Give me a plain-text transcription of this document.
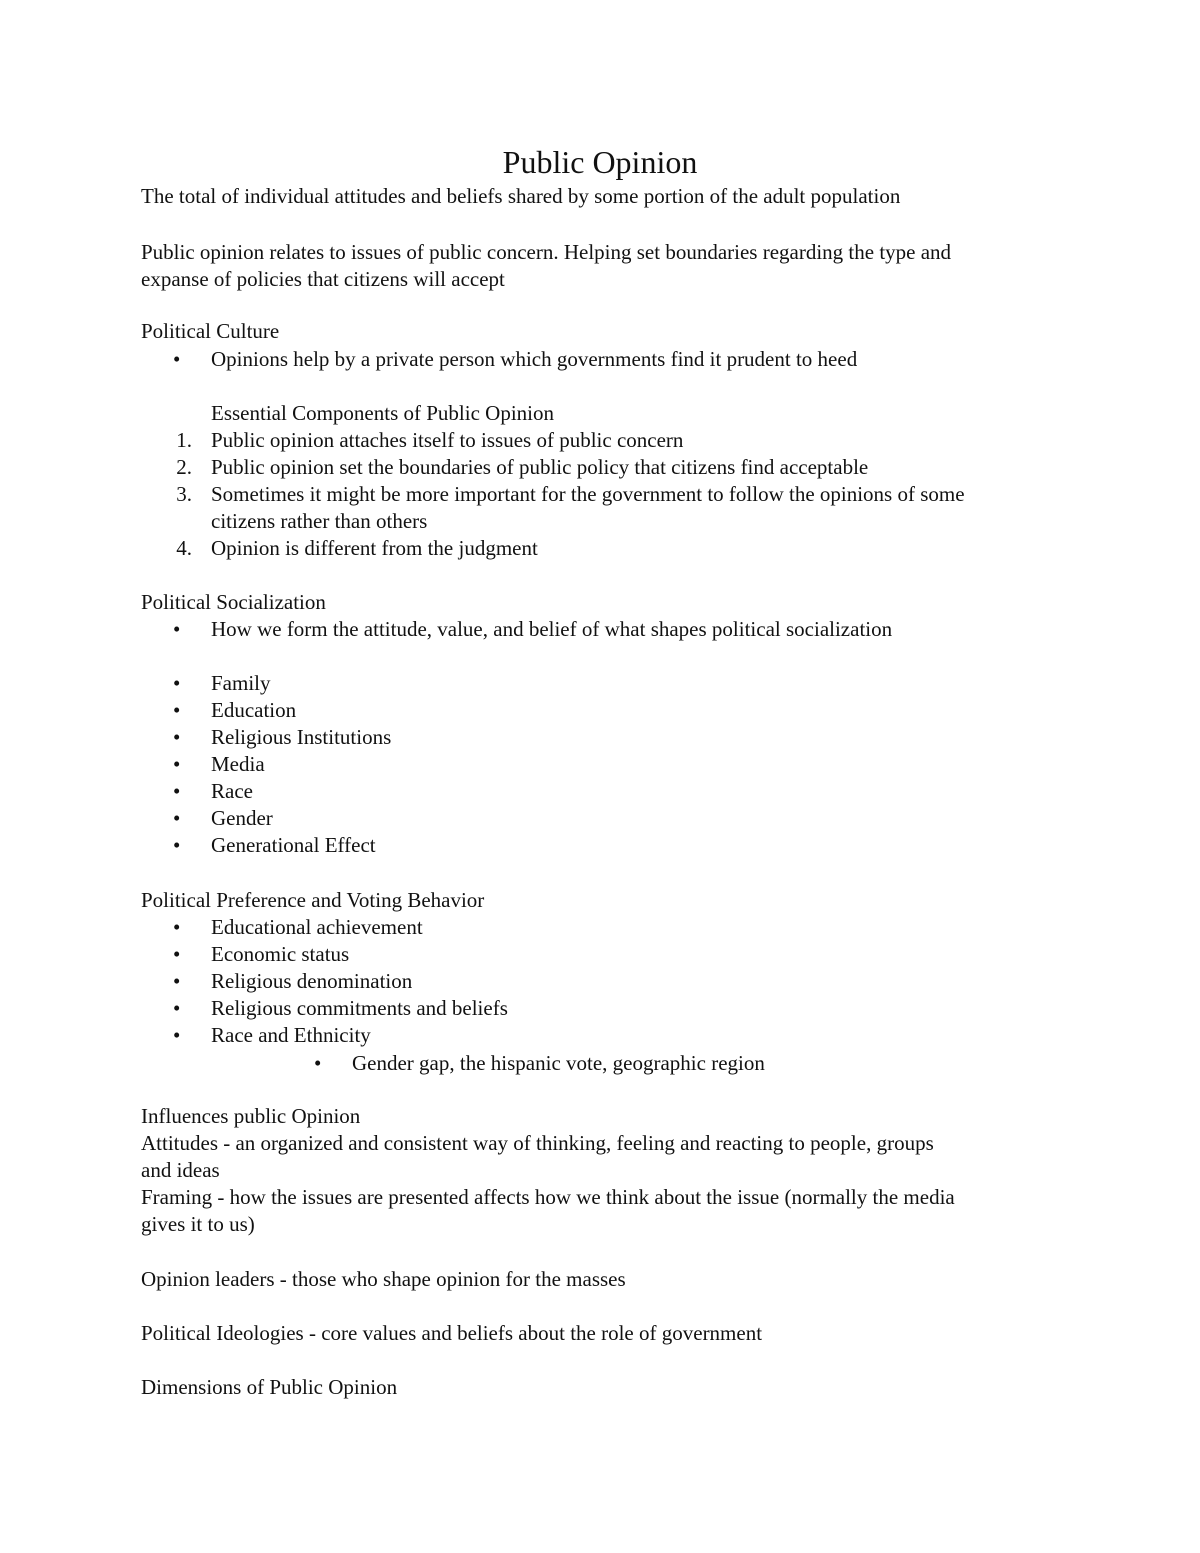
Public Opinion
The total of individual attitudes and beliefs shared by some portion of the adult population
Public opinion relates to issues of public concern. Helping set boundaries regarding the type and
expanse of policies that citizens will accept
Political Culture
• Opinions help by a private person which governments find it prudent to heed
Essential Components of Public Opinion
1. Public opinion attaches itself to issues of public concern
2. Public opinion set the boundaries of public policy that citizens find acceptable
3. Sometimes it might be more important for the government to follow the opinions of some
citizens rather than others
4. Opinion is different from the judgment
Political Socialization
• How we form the attitude, value, and belief of what shapes political socialization
• Family
• Education
• Religious Institutions
• Media
• Race
• Gender
• Generational Effect
Political Preference and Voting Behavior
• Educational achievement
• Economic status
• Religious denomination
• Religious commitments and beliefs
• Race and Ethnicity
• Gender gap, the hispanic vote, geographic region
Influences public Opinion
Attitudes - an organized and consistent way of thinking, feeling and reacting to people, groups
and ideas
Framing - how the issues are presented affects how we think about the issue (normally the media
gives it to us)
Opinion leaders - those who shape opinion for the masses
Political Ideologies - core values and beliefs about the role of government
Dimensions of Public Opinion
